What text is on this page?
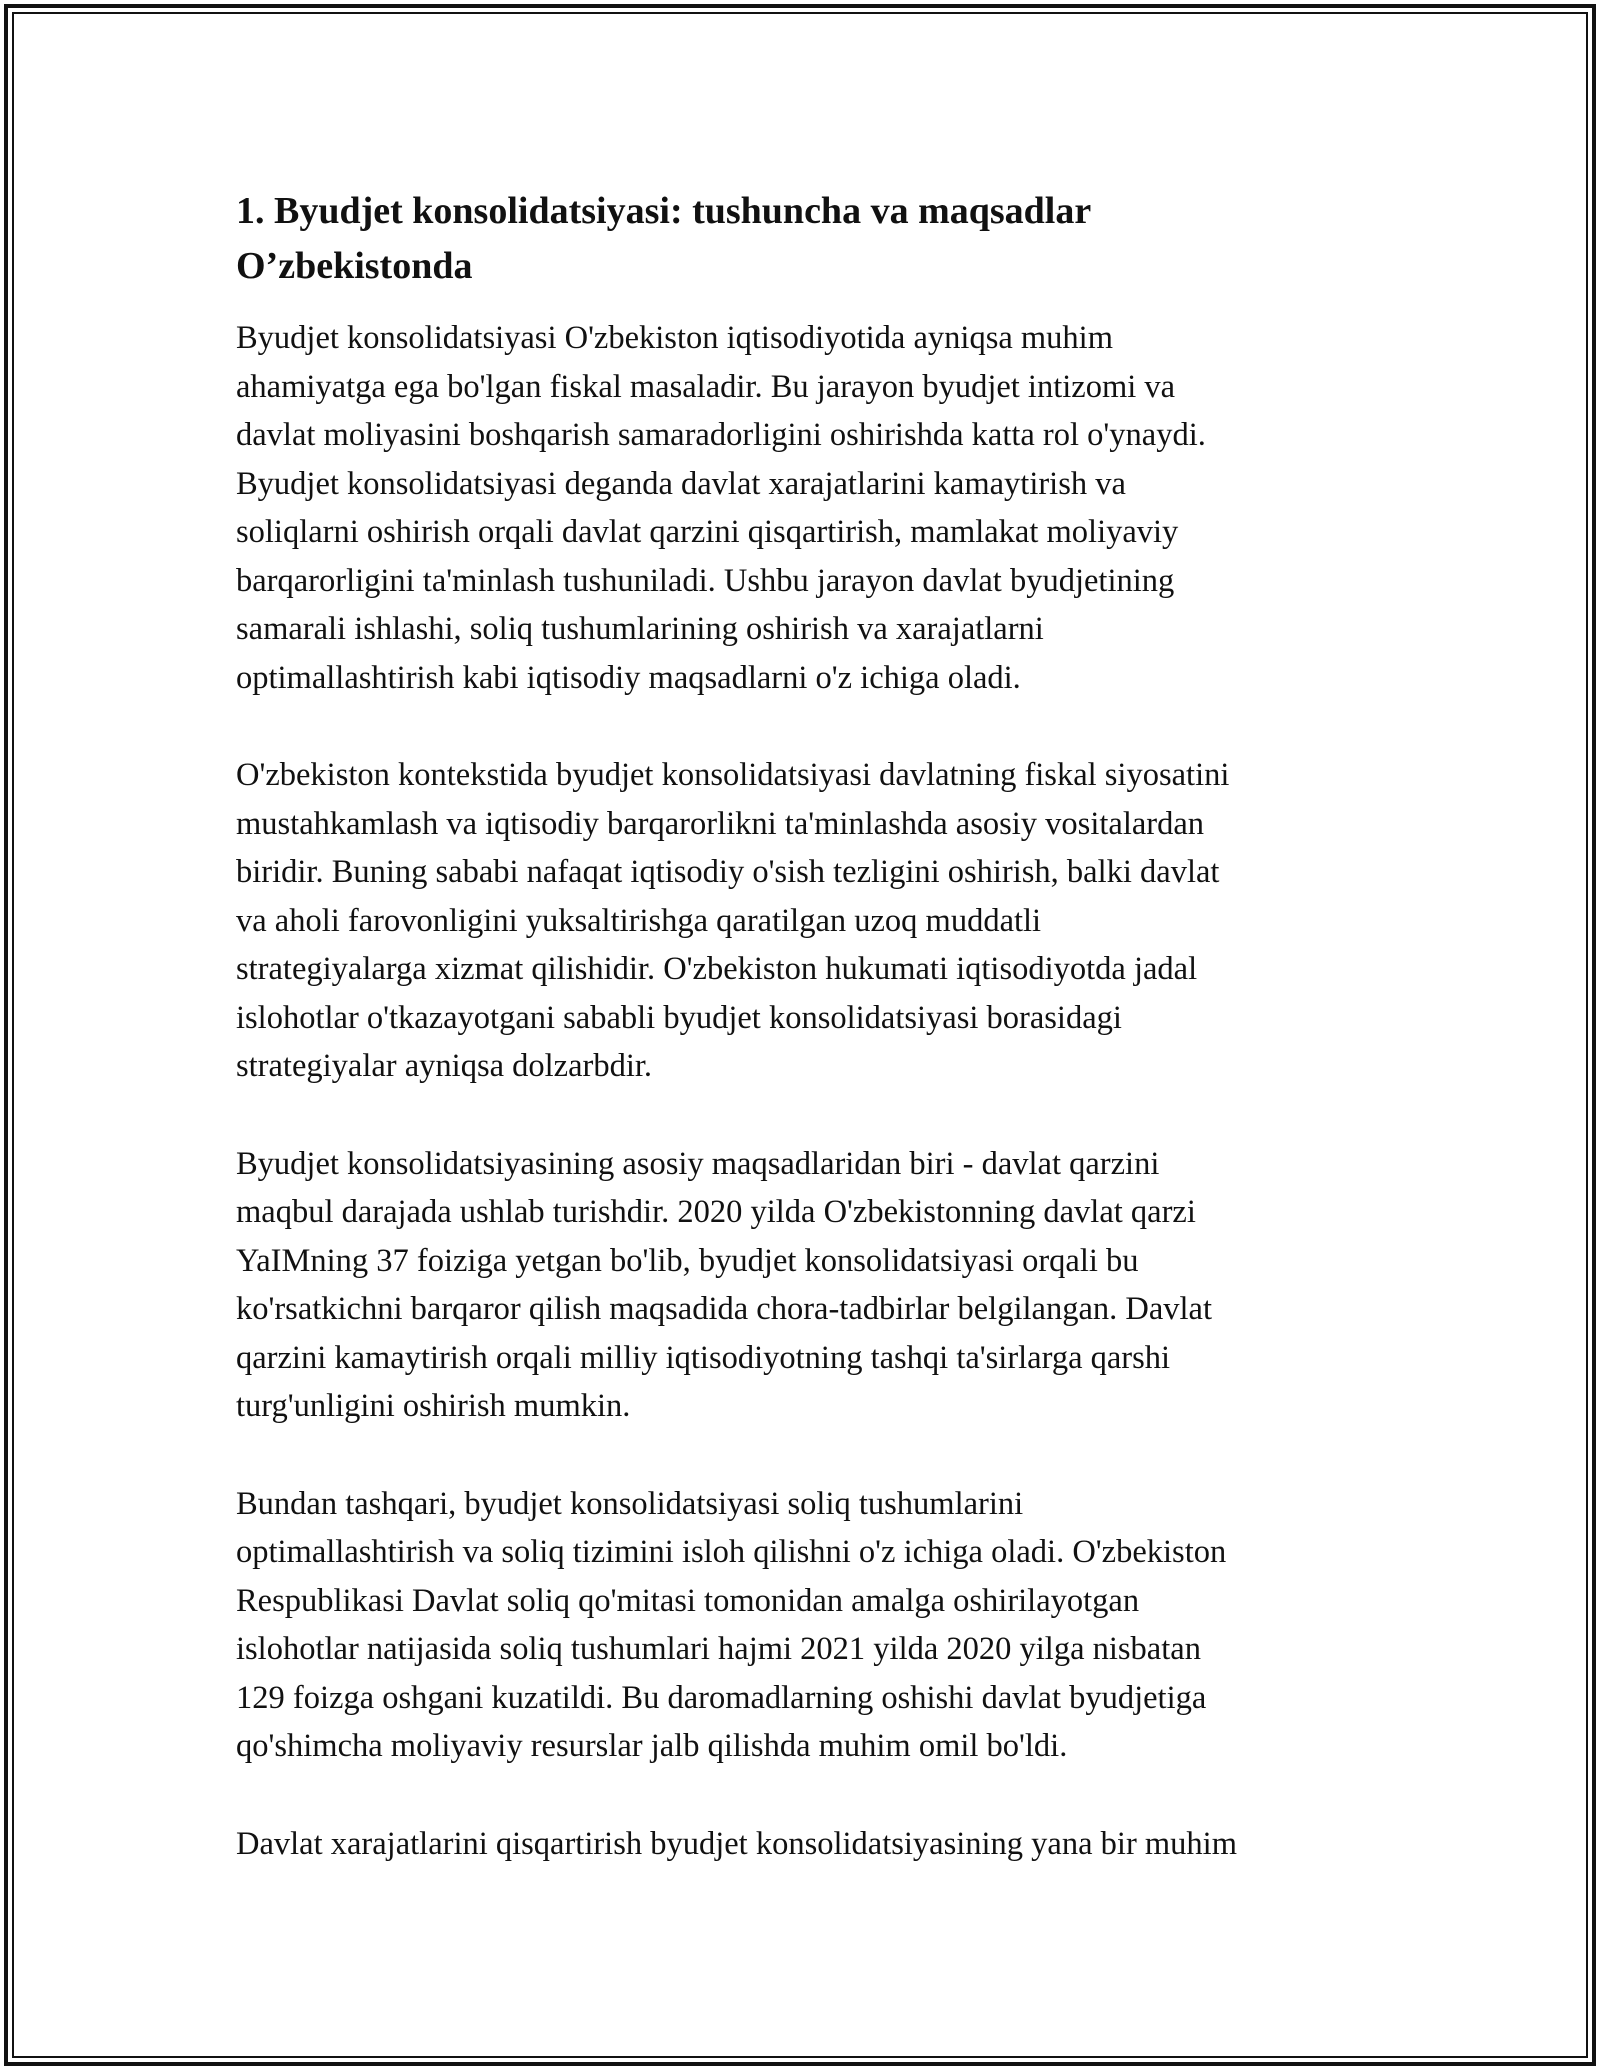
1. Byudjet konsolidatsiyasi: tushuncha va maqsadlar
O’zbekistonda

Byudjet konsolidatsiyasi O'zbekiston iqtisodiyotida ayniqsa muhim
ahamiyatga ega bo'lgan fiskal masaladir. Bu jarayon byudjet intizomi va
davlat moliyasini boshqarish samaradorligini oshirishda katta rol o'ynaydi.
Byudjet konsolidatsiyasi deganda davlat xarajatlarini kamaytirish va
soliqlarni oshirish orqali davlat qarzini qisqartirish, mamlakat moliyaviy
barqarorligini ta'minlash tushuniladi. Ushbu jarayon davlat byudjetining
samarali ishlashi, soliq tushumlarining oshirish va xarajatlarni
optimallashtirish kabi iqtisodiy maqsadlarni o'z ichiga oladi.

O'zbekiston kontekstida byudjet konsolidatsiyasi davlatning fiskal siyosatini
mustahkamlash va iqtisodiy barqarorlikni ta'minlashda asosiy vositalardan
biridir. Buning sababi nafaqat iqtisodiy o'sish tezligini oshirish, balki davlat
va aholi farovonligini yuksaltirishga qaratilgan uzoq muddatli
strategiyalarga xizmat qilishidir. O'zbekiston hukumati iqtisodiyotda jadal
islohotlar o'tkazayotgani sababli byudjet konsolidatsiyasi borasidagi
strategiyalar ayniqsa dolzarbdir.

Byudjet konsolidatsiyasining asosiy maqsadlaridan biri - davlat qarzini
maqbul darajada ushlab turishdir. 2020 yilda O'zbekistonning davlat qarzi
YaIMning 37 foiziga yetgan bo'lib, byudjet konsolidatsiyasi orqali bu
ko'rsatkichni barqaror qilish maqsadida chora-tadbirlar belgilangan. Davlat
qarzini kamaytirish orqali milliy iqtisodiyotning tashqi ta'sirlarga qarshi
turg'unligini oshirish mumkin.

Bundan tashqari, byudjet konsolidatsiyasi soliq tushumlarini
optimallashtirish va soliq tizimini isloh qilishni o'z ichiga oladi. O'zbekiston
Respublikasi Davlat soliq qo'mitasi tomonidan amalga oshirilayotgan
islohotlar natijasida soliq tushumlari hajmi 2021 yilda 2020 yilga nisbatan
129 foizga oshgani kuzatildi. Bu daromadlarning oshishi davlat byudjetiga
qo'shimcha moliyaviy resurslar jalb qilishda muhim omil bo'ldi.

Davlat xarajatlarini qisqartirish byudjet konsolidatsiyasining yana bir muhim
